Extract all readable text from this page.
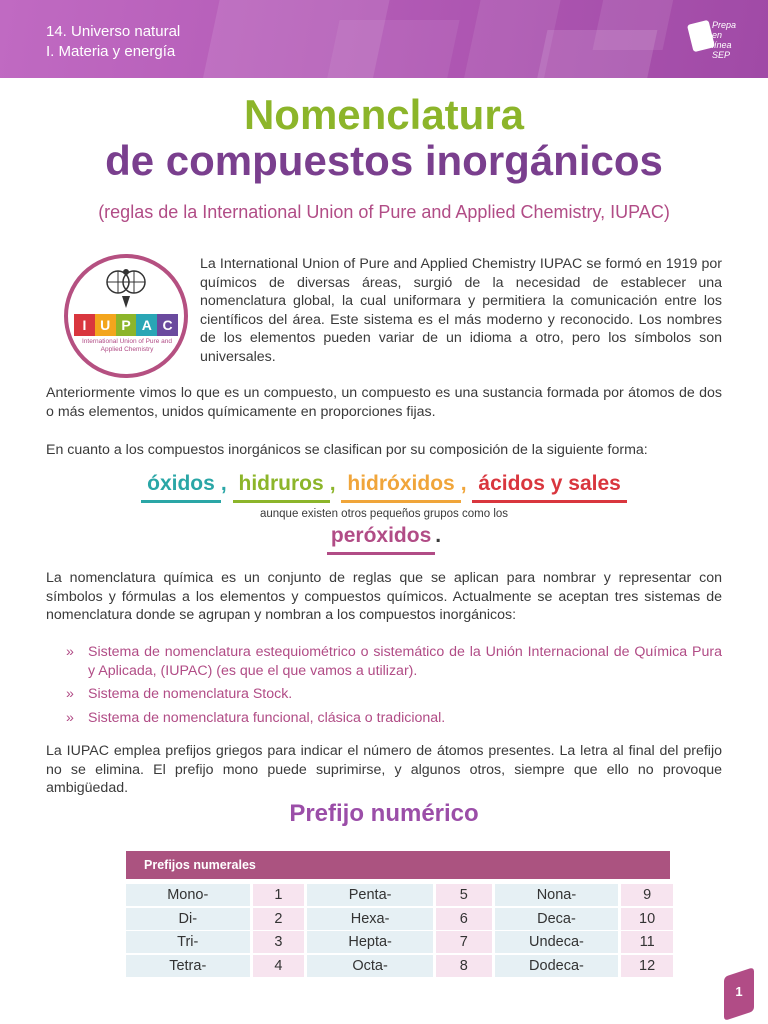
14. Universo natural
I. Materia y energía
Prepa en línea SEP
Nomenclatura
de compuestos inorgánicos
(reglas de la International Union of Pure and Applied Chemistry, IUPAC)
I U P A C
International Union of Pure and Applied Chemistry
La International Union of Pure and Applied Chemistry IUPAC se formó en 1919 por químicos de diversas áreas, surgió de la necesidad de establecer una nomenclatura global, la cual uniformara y permitiera la comunicación entre los científicos del área. Este sistema es el más moderno y reconocido. Los nombres de los elementos pueden variar de un idioma a otro, pero los símbolos son universales.
Anteriormente vimos lo que es un compuesto, un compuesto es una sustancia formada por átomos de dos o más elementos, unidos químicamente en proporciones fijas.
En cuanto a los compuestos inorgánicos se clasifican por su composición de la siguiente forma:
óxidos , hidruros , hidróxidos , ácidos y sales
aunque existen otros pequeños grupos como los
peróxidos .
La nomenclatura química es un conjunto de reglas que se aplican para nombrar y representar con símbolos y fórmulas a los elementos y compuestos químicos. Actualmente se aceptan tres sistemas de nomenclatura donde se agrupan y nombran a los compuestos inorgánicos:
» Sistema de nomenclatura estequiométrico o sistemático de la Unión Internacional de Química Pura y Aplicada, (IUPAC) (es que el que vamos a utilizar).
» Sistema de nomenclatura Stock.
» Sistema de nomenclatura funcional, clásica o tradicional.
La IUPAC emplea prefijos griegos para indicar el número de átomos presentes. La letra al final del prefijo no se elimina. El prefijo mono puede suprimirse, y algunos otros, siempre que ello no provoque ambigüedad.
Prefijo numérico
Prefijos numerales
Mono-	1	Penta-	5	Nona-	9
Di-	2	Hexa-	6	Deca-	10
Tri-	3	Hepta-	7	Undeca-	11
Tetra-	4	Octa-	8	Dodeca-	12
1
